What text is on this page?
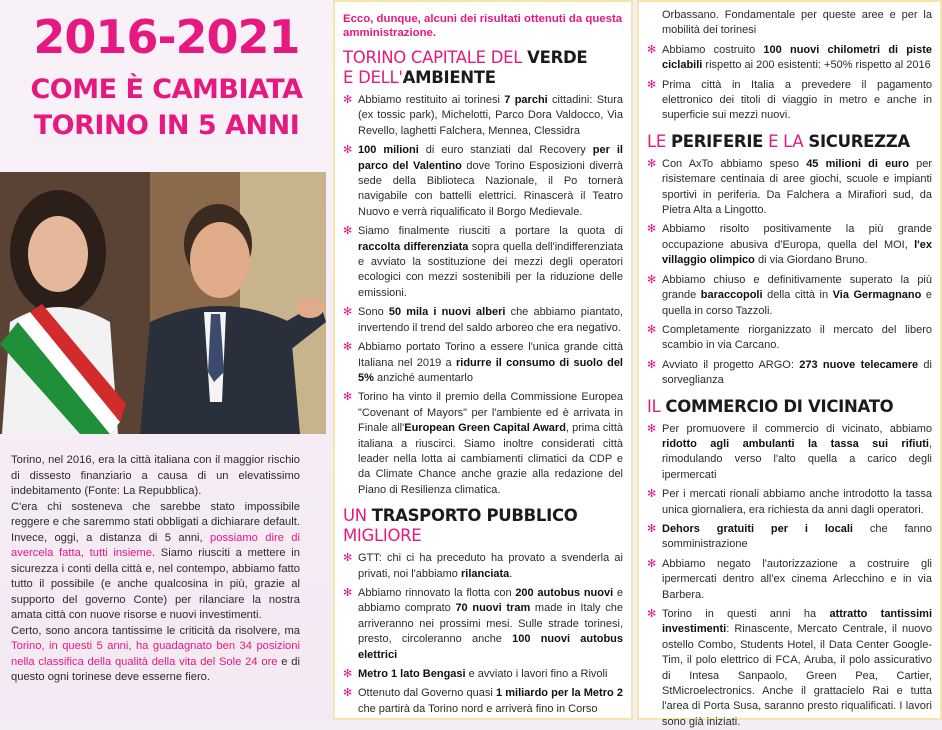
2016-2021
COME È CAMBIATA
TORINO IN 5 ANNI

Torino, nel 2016, era la città italiana con il maggior rischio di dissesto finanziario a causa di un elevatissimo indebitamento (Fonte: La Repubblica).

C'era chi sosteneva che sarebbe stato impossibile reggere e che saremmo stati obbligati a dichiarare default. Invece, oggi, a distanza di 5 anni, possiamo dire di avercela fatta, tutti insieme. Siamo riusciti a mettere in sicurezza i conti della città e, nel contempo, abbiamo fatto tutto il possibile (e anche qualcosina in più, grazie al supporto del governo Conte) per rilanciare la nostra amata città con nuove risorse e nuovi investimenti.

Certo, sono ancora tantissime le criticità da risolvere, ma Torino, in questi 5 anni, ha guadagnato ben 34 posizioni nella classifica della qualità della vita del Sole 24 ore e di questo ogni torinese deve esserne fiero.

Ecco, dunque, alcuni dei risultati ottenuti da questa amministrazione.

TORINO CAPITALE DEL VERDE
E DELL'AMBIENTE
✻ Abbiamo restituito ai torinesi 7 parchi cittadini: Stura (ex tossic park), Michelotti, Parco Dora Valdocco, Via Revello, laghetti Falchera, Mennea, Clessidra
✻ 100 milioni di euro stanziati dal Recovery per il parco del Valentino dove Torino Esposizioni diverrà sede della Biblioteca Nazionale, il Po tornerà navigabile con battelli elettrici. Rinascerà il Teatro Nuovo e verrà riqualificato il Borgo Medievale.
✻ Siamo finalmente riusciti a portare la quota di raccolta differenziata sopra quella dell'indifferenziata e avviato la sostituzione dei mezzi degli operatori ecologici con mezzi sostenibili per la riduzione delle emissioni.
✻ Sono 50 mila i nuovi alberi che abbiamo piantato, invertendo il trend del saldo arboreo che era negativo.
✻ Abbiamo portato Torino a essere l'unica grande città Italiana nel 2019 a ridurre il consumo di suolo del 5% anziché aumentarlo
✻ Torino ha vinto il premio della Commissione Europea "Covenant of Mayors" per l'ambiente ed è arrivata in Finale all'European Green Capital Award, prima città italiana a riuscirci. Siamo inoltre considerati città leader nella lotta ai cambiamenti climatici da CDP e da Climate Chance anche grazie alla redazione del Piano di Resilienza climatica.
UN TRASPORTO PUBBLICO MIGLIORE
✻ GTT: chi ci ha preceduto ha provato a svenderla ai privati, noi l'abbiamo rilanciata.
✻ Abbiamo rinnovato la flotta con 200 autobus nuovi e abbiamo comprato 70 nuovi tram made in Italy che arriveranno nei prossimi mesi. Sulle strade torinesi, presto, circoleranno anche 100 nuovi autobus elettrici
✻ Metro 1 lato Bengasi e avviato i lavori fino a Rivoli
✻ Ottenuto dal Governo quasi 1 miliardo per la Metro 2 che partirà da Torino nord e arriverà fino in Corso

Orbassano. Fondamentale per queste aree e per la mobilità dei torinesi

✻ Abbiamo costruito 100 nuovi chilometri di piste ciclabili rispetto ai 200 esistenti: +50% rispetto al 2016
✻ Prima città in Italia a prevedere il pagamento elettronico dei titoli di viaggio in metro e anche in superficie sui mezzi nuovi.
LE PERIFERIE E LA SICUREZZA
✻ Con AxTo abbiamo speso 45 milioni di euro per risistemare centinaia di aree giochi, scuole e impianti sportivi in periferia. Da Falchera a Mirafiori sud, da Pietra Alta a Lingotto.
✻ Abbiamo risolto positivamente la più grande occupazione abusiva d'Europa, quella del MOI, l'ex villaggio olimpico di via Giordano Bruno.
✻ Abbiamo chiuso e definitivamente superato la più grande baraccopoli della città in Via Germagnano e quella in corso Tazzoli.
✻ Completamente riorganizzato il mercato del libero scambio in via Carcano.
✻ Avviato il progetto ARGO: 273 nuove telecamere di sorveglianza
IL COMMERCIO DI VICINATO
✻ Per promuovere il commercio di vicinato, abbiamo ridotto agli ambulanti la tassa sui rifiuti, rimodulando verso l'alto quella a carico degli ipermercati
✻ Per i mercati rionali abbiamo anche introdotto la tassa unica giornaliera, era richiesta da anni dagli operatori.
✻ Dehors gratuiti per i locali che fanno somministrazione
✻ Abbiamo negato l'autorizzazione a costruire gli ipermercati dentro all'ex cinema Arlecchino e in via Barbera.
✻ Torino in questi anni ha attratto tantissimi investimenti: Rinascente, Mercato Centrale, il nuovo ostello Combo, Students Hotel, il Data Center Google-Tim, il polo elettrico di FCA, Aruba, il polo assicurativo di Intesa Sanpaolo, Green Pea, Cartier, StMicroelectronics. Anche il grattacielo Rai e tutta l'area di Porta Susa, saranno presto riqualificati. I lavori sono già iniziati.
